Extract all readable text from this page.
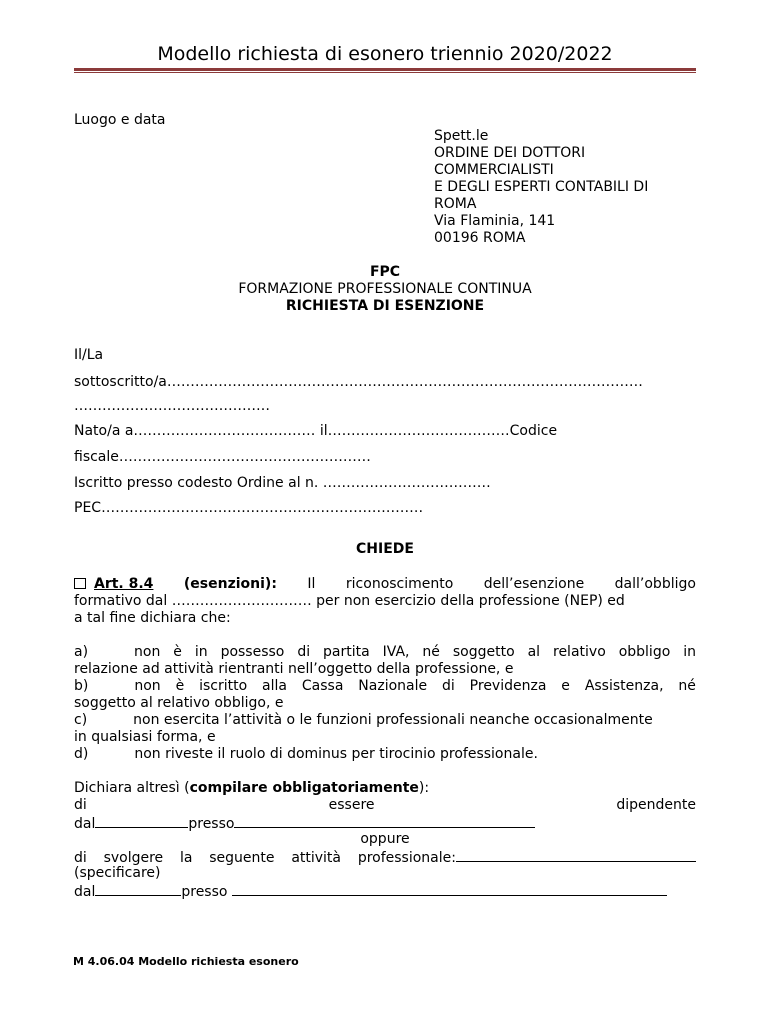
Modello richiesta di esonero triennio 2020/2022
Luogo e data
Spett.le
ORDINE DEI DOTTORI
COMMERCIALISTI
E DEGLI ESPERTI CONTABILI DI
ROMA
Via Flaminia, 141
00196 ROMA
FPC
FORMAZIONE PROFESSIONALE CONTINUA
RICHIESTA DI ESENZIONE
Il/La
sottoscritto/a…………………………………………………………………………………………
……………………………………
Nato/a a………………………………… il…………………………………Codice
fiscale………………………………………………
Iscritto presso codesto Ordine al n. ………………………………
PEC……………………………………………………………
CHIEDE
Art. 8.4 (esenzioni): Il riconoscimento dell’esenzione dall’obbligo
formativo dal ………………………… per non esercizio della professione (NEP) ed
a tal fine dichiara che:
a)	non è in possesso di partita IVA, né soggetto al relativo obbligo in
relazione ad attività rientranti nell’oggetto della professione, e
b)	non è iscritto alla Cassa Nazionale di Previdenza e Assistenza, né
soggetto al relativo obbligo, e
c)	non esercita l’attività o le funzioni professionali neanche occasionalmente
in qualsiasi forma, e
d)	non riveste il ruolo di dominus per tirocinio professionale.
Dichiara altresì (compilare obbligatoriamente):
di	essere	dipendente
dal	presso
oppure
di svolgere la seguente attività professionale:
(specificare)
dal	presso
M 4.06.04 Modello richiesta esonero
